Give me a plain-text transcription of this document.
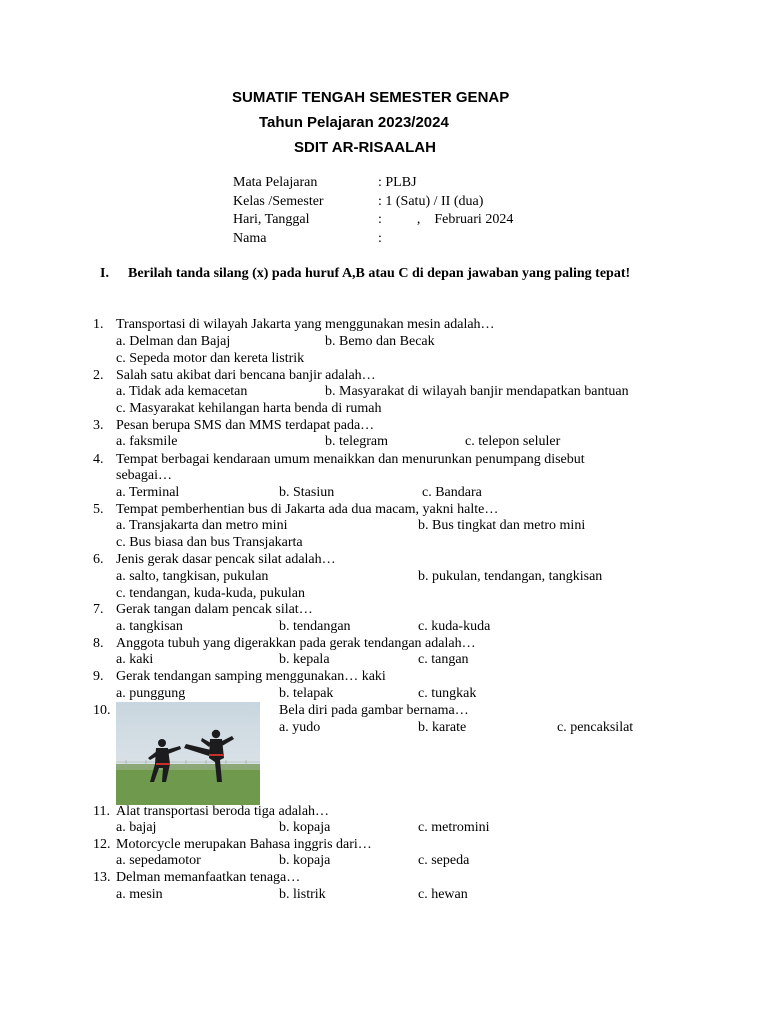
SUMATIF TENGAH SEMESTER GENAP
Tahun Pelajaran 2023/2024
SDIT AR-RISAALAH
Mata Pelajaran	: PLBJ
Kelas /Semester	: 1 (Satu) / II (dua)
Hari, Tanggal	:          ,    Februari 2024
Nama	:
I. Berilah tanda silang (x) pada huruf A,B atau C di depan jawaban yang paling tepat!
1. Transportasi di wilayah Jakarta yang menggunakan mesin adalah…
a. Delman dan Bajaj	b. Bemo dan Becak
c. Sepeda motor dan kereta listrik
2. Salah satu akibat dari bencana banjir adalah…
a. Tidak ada kemacetan	b. Masyarakat di wilayah banjir mendapatkan bantuan
c. Masyarakat kehilangan harta benda di rumah
3. Pesan berupa SMS dan MMS terdapat pada…
a. faksmile	b. telegram	c. telepon seluler
4. Tempat berbagai kendaraan umum menaikkan dan menurunkan penumpang disebut
sebagai…
a. Terminal	b. Stasiun	c. Bandara
5. Tempat pemberhentian bus di Jakarta ada dua macam, yakni halte…
a. Transjakarta dan metro mini	b. Bus tingkat dan metro mini
c. Bus biasa dan bus Transjakarta
6. Jenis gerak dasar pencak silat adalah…
a. salto, tangkisan, pukulan	b. pukulan, tendangan, tangkisan
c. tendangan, kuda-kuda, pukulan
7. Gerak tangan dalam pencak silat…
a. tangkisan	b. tendangan	c. kuda-kuda
8. Anggota tubuh yang digerakkan pada gerak tendangan adalah…
a. kaki	b. kepala	c. tangan
9. Gerak tendangan samping menggunakan… kaki
a. punggung	b. telapak	c. tungkak
10.	Bela diri pada gambar bernama…
a. yudo	b. karate	c. pencaksilat
11. Alat transportasi beroda tiga adalah…
a. bajaj	b. kopaja	c. metromini
12. Motorcycle merupakan Bahasa inggris dari…
a. sepedamotor	b. kopaja	c. sepeda
13. Delman memanfaatkan tenaga…
a. mesin	b. listrik	c. hewan
